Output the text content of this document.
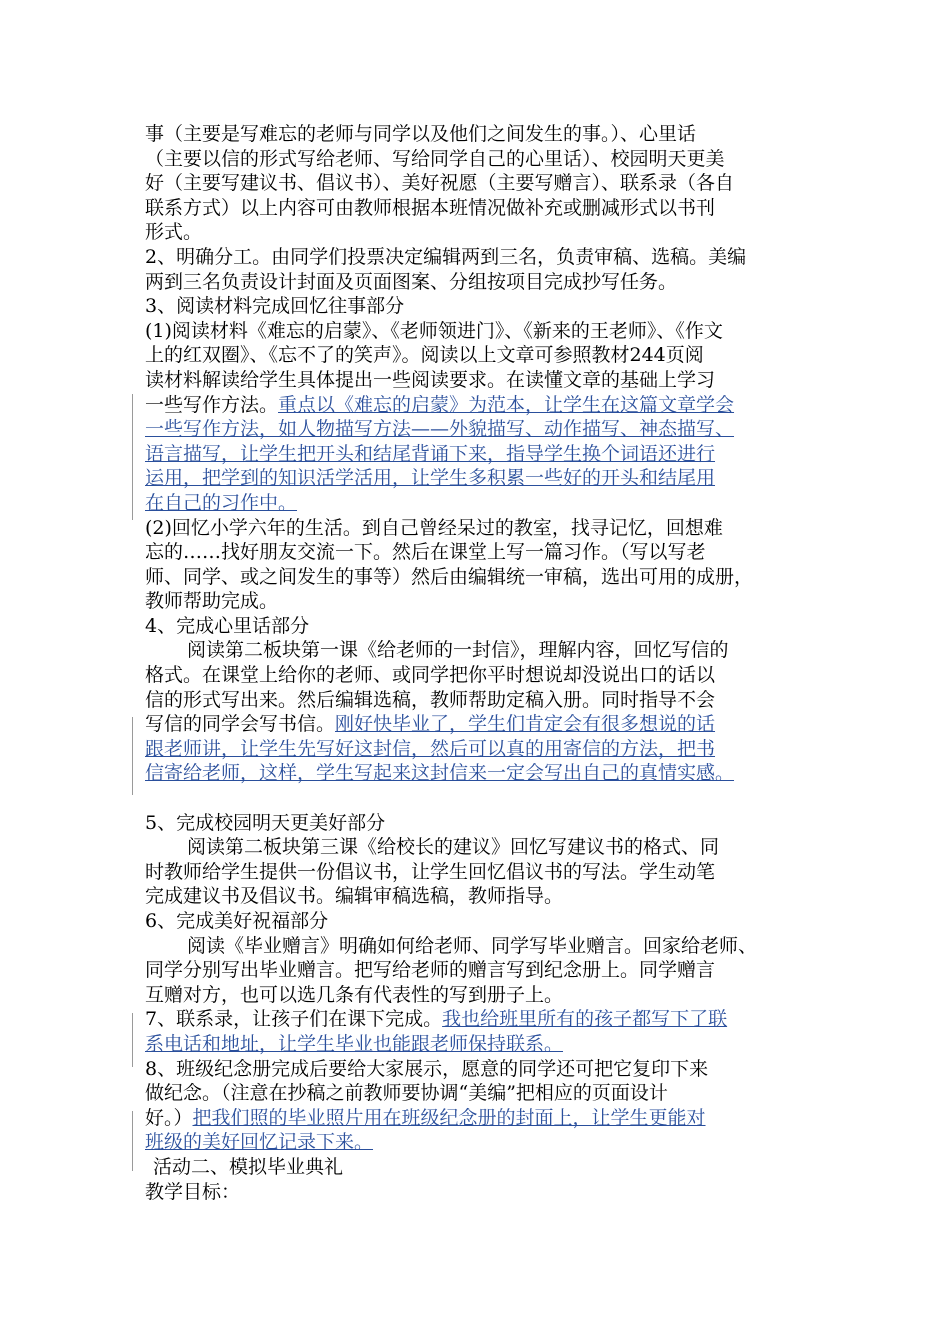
事（主要是写难忘的老师与同学以及他们之间发生的事。）、心里话
（主要以信的形式写给老师、写给同学自己的心里话）、校园明天更美
好（主要写建议书、倡议书）、美好祝愿（主要写赠言）、联系录（各自
联系方式）以上内容可由教师根据本班情况做补充或删减形式以书刊
形式。
2、明确分工。由同学们投票决定编辑两到三名，负责审稿、选稿。美编
两到三名负责设计封面及页面图案、分组按项目完成抄写任务。
3、阅读材料完成回忆往事部分
(1)阅读材料《难忘的启蒙》、《老师领进门》、《新来的王老师》、《作文
上的红双圈》、《忘不了的笑声》。阅读以上文章可参照教材244页阅
读材料解读给学生具体提出一些阅读要求。在读懂文章的基础上学习
一些写作方法。重点以《难忘的启蒙》为范本，让学生在这篇文章学会
一些写作方法，如人物描写方法——外貌描写、动作描写、神态描写、
语言描写，让学生把开头和结尾背诵下来，指导学生换个词语还进行
运用，把学到的知识活学活用，让学生多积累一些好的开头和结尾用
在自己的习作中。
(2)回忆小学六年的生活。到自己曾经呆过的教室，找寻记忆，回想难
忘的……找好朋友交流一下。然后在课堂上写一篇习作。（写以写老
师、同学、或之间发生的事等）然后由编辑统一审稿，选出可用的成册，
教师帮助完成。
4、完成心里话部分
阅读第二板块第一课《给老师的一封信》，理解内容，回忆写信的
格式。在课堂上给你的老师、或同学把你平时想说却没说出口的话以
信的形式写出来。然后编辑选稿，教师帮助定稿入册。同时指导不会
写信的同学会写书信。刚好快毕业了，学生们肯定会有很多想说的话
跟老师讲，让学生先写好这封信，然后可以真的用寄信的方法，把书
信寄给老师，这样，学生写起来这封信来一定会写出自己的真情实感。
5、完成校园明天更美好部分
阅读第二板块第三课《给校长的建议》回忆写建议书的格式、同
时教师给学生提供一份倡议书，让学生回忆倡议书的写法。学生动笔
完成建议书及倡议书。编辑审稿选稿，教师指导。
6、完成美好祝福部分
阅读《毕业赠言》明确如何给老师、同学写毕业赠言。回家给老师、
同学分别写出毕业赠言。把写给老师的赠言写到纪念册上。同学赠言
互赠对方，也可以选几条有代表性的写到册子上。
7、联系录，让孩子们在课下完成。我也给班里所有的孩子都写下了联
系电话和地址，让学生毕业也能跟老师保持联系。
8、班级纪念册完成后要给大家展示，愿意的同学还可把它复印下来
做纪念。（注意在抄稿之前教师要协调“美编”把相应的页面设计
好。）把我们照的毕业照片用在班级纪念册的封面上，让学生更能对
班级的美好回忆记录下来。
活动二、模拟毕业典礼
教学目标：
